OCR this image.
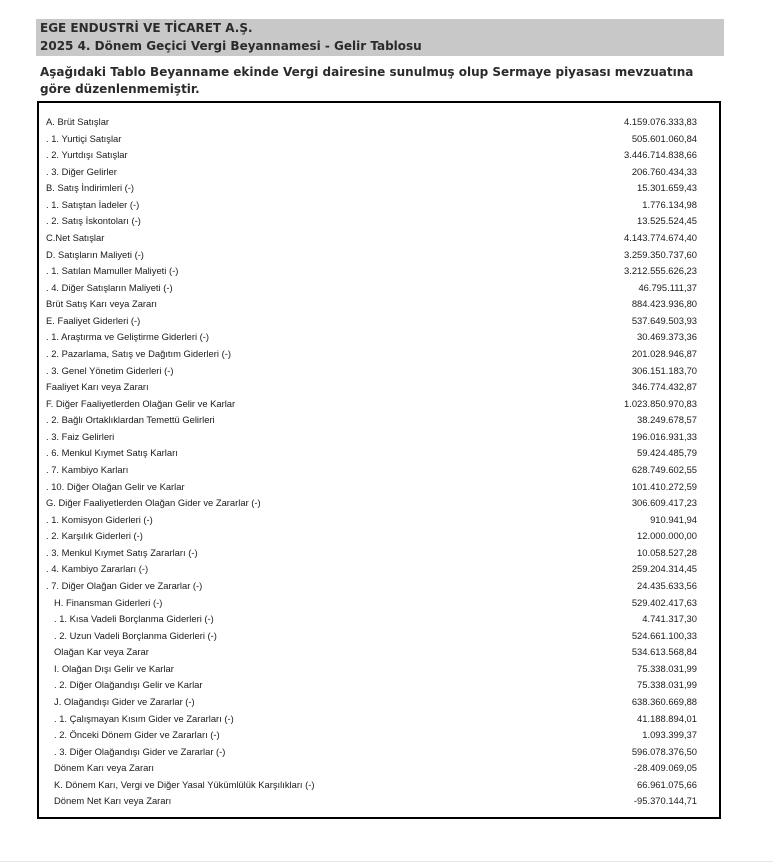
EGE ENDUSTRİ VE TİCARET A.Ş.
2025 4. Dönem Geçici Vergi Beyannamesi - Gelir Tablosu
Aşağıdaki Tablo Beyanname ekinde Vergi dairesine sunulmuş olup Sermaye piyasası mevzuatına göre düzenlenmemiştir.
A. Brüt Satışlar	4.159.076.333,83
. 1. Yurtiçi Satışlar	505.601.060,84
. 2. Yurtdışı Satışlar	3.446.714.838,66
. 3. Diğer Gelirler	206.760.434,33
B. Satış İndirimleri (-)	15.301.659,43
. 1. Satıştan İadeler (-)	1.776.134,98
. 2. Satış İskontoları (-)	13.525.524,45
C.Net Satışlar	4.143.774.674,40
D. Satışların Maliyeti (-)	3.259.350.737,60
. 1. Satılan Mamuller Maliyeti (-)	3.212.555.626,23
. 4. Diğer Satışların Maliyeti (-)	46.795.111,37
Brüt Satış Karı veya Zararı	884.423.936,80
E. Faaliyet Giderleri (-)	537.649.503,93
. 1. Araştırma ve Geliştirme Giderleri (-)	30.469.373,36
. 2. Pazarlama, Satış ve Dağıtım Giderleri (-)	201.028.946,87
. 3. Genel Yönetim Giderleri (-)	306.151.183,70
Faaliyet Karı veya Zararı	346.774.432,87
F. Diğer Faaliyetlerden Olağan Gelir ve Karlar	1.023.850.970,83
. 2. Bağlı Ortaklıklardan Temettü Gelirleri	38.249.678,57
. 3. Faiz Gelirleri	196.016.931,33
. 6. Menkul Kıymet Satış Karları	59.424.485,79
. 7. Kambiyo Karları	628.749.602,55
. 10. Diğer Olağan Gelir ve Karlar	101.410.272,59
G. Diğer Faaliyetlerden Olağan Gider ve Zararlar (-)	306.609.417,23
. 1. Komisyon Giderleri (-)	910.941,94
. 2. Karşılık Giderleri (-)	12.000.000,00
. 3. Menkul Kıymet Satış Zararları (-)	10.058.527,28
. 4. Kambiyo Zararları (-)	259.204.314,45
. 7. Diğer Olağan Gider ve Zararlar (-)	24.435.633,56
H. Finansman Giderleri (-)	529.402.417,63
. 1. Kısa Vadeli Borçlanma Giderleri (-)	4.741.317,30
. 2. Uzun Vadeli Borçlanma Giderleri (-)	524.661.100,33
Olağan Kar veya Zarar	534.613.568,84
I. Olağan Dışı Gelir ve Karlar	75.338.031,99
. 2. Diğer Olağandışı Gelir ve Karlar	75.338.031,99
J. Olağandışı Gider ve Zararlar (-)	638.360.669,88
. 1. Çalışmayan Kısım Gider ve Zararları (-)	41.188.894,01
. 2. Önceki Dönem Gider ve Zararları (-)	1.093.399,37
. 3. Diğer Olağandışı Gider ve Zararlar (-)	596.078.376,50
Dönem Karı veya Zararı	-28.409.069,05
K. Dönem Karı, Vergi ve Diğer Yasal Yükümlülük Karşılıkları (-)	66.961.075,66
Dönem Net Karı veya Zararı	-95.370.144,71
